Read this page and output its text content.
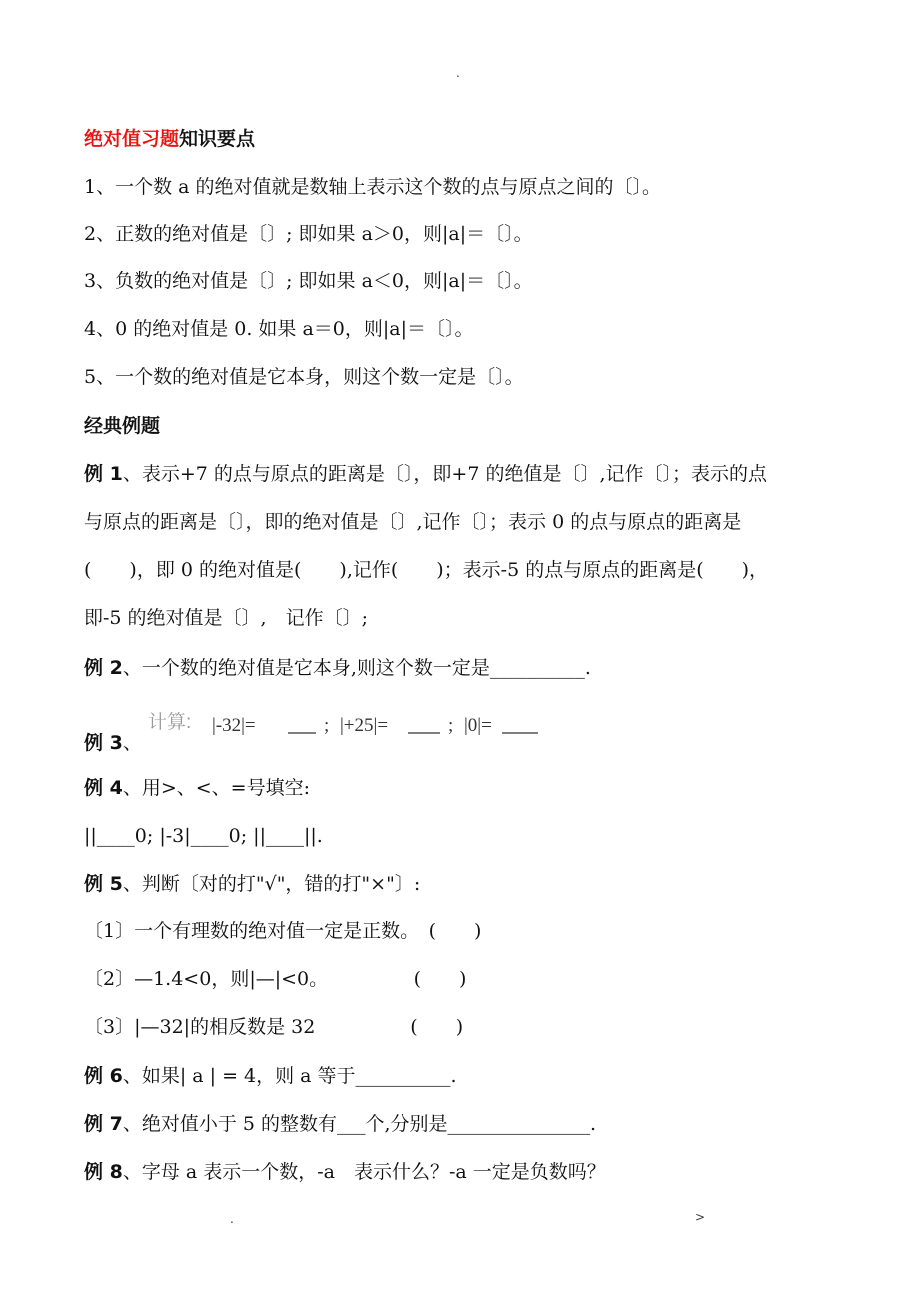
.
绝对值习题知识要点
1、一个数 a 的绝对值就是数轴上表示这个数的点与原点之间的〔〕。
2、正数的绝对值是〔〕; 即如果 a＞0，则|a|＝〔〕。
3、负数的绝对值是〔〕; 即如果 a＜0，则|a|＝〔〕。
4、0 的绝对值是 0. 如果 a＝0，则|a|＝〔〕。
5、一个数的绝对值是它本身，则这个数一定是〔〕。
经典例题
例 1、表示+7 的点与原点的距离是〔〕，即+7 的绝值是〔〕,记作〔〕；表示的点
与原点的距离是〔〕，即的绝对值是〔〕,记作〔〕；表示 0 的点与原点的距离是
(　　)，即 0 的绝对值是(　　),记作(　　)；表示-5 的点与原点的距离是(　　)，
即-5 的绝对值是〔〕,　记作〔〕;
例 2、一个数的绝对值是它本身,则这个数一定是__________.
例 3、
计算: |-32|=	; |+25|=	; |0|=
例 4、用>、<、=号填空:
||____0; |-3|____0; ||____||.
例 5、判断〔对的打"√"，错的打"×"〕:
〔1〕一个有理数的绝对值一定是正数。　(　　)
〔2〕—1.4<0，则|—|<0。　　　　　(　　)
〔3〕|—32|的相反数是 32　　　　　(　　)
例 6、如果| a | = 4，则 a 等于__________.
例 7、绝对值小于 5 的整数有___个,分别是_______________.
例 8、字母 a 表示一个数，-a　表示什么？-a 一定是负数吗？
.	>
